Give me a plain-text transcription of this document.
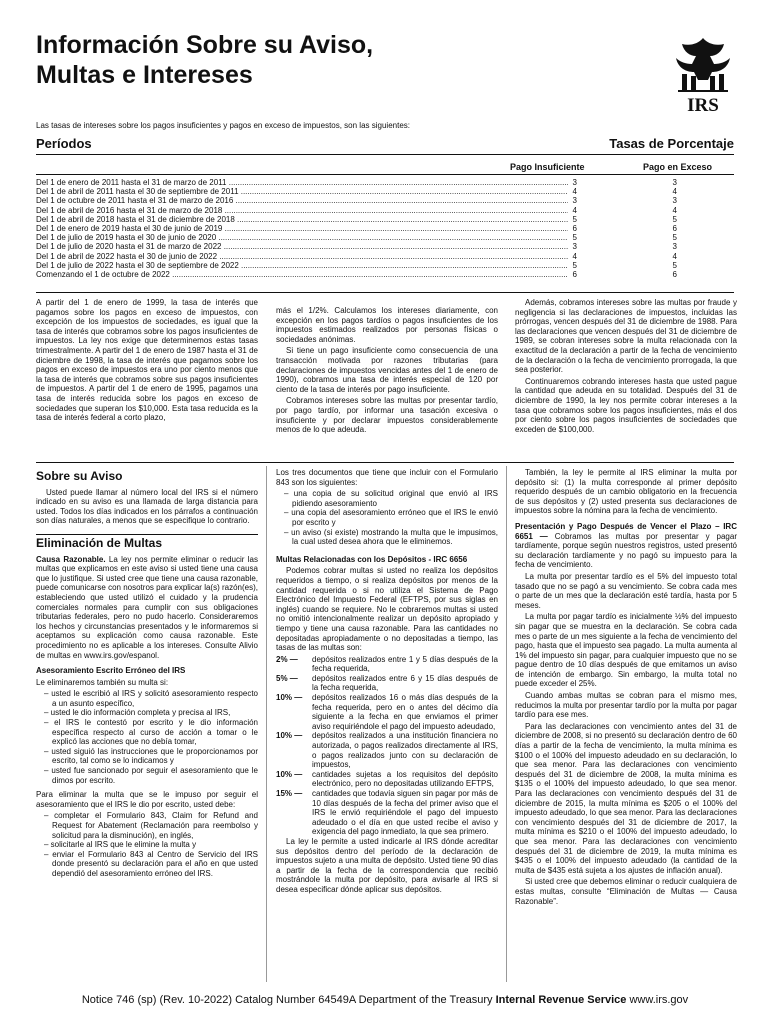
Información Sobre su Aviso,
Multas e Intereses
IRS
Las tasas de intereses sobre los pagos insuficientes y pagos en exceso de impuestos, son las siguientes:
Períodos	Tasas de Porcentaje
Pago Insuficiente	Pago en Exceso
Del 1 de enero de 2011 hasta el 31 de marzo de 2011 .....	3	3
Del 1 de abril de 2011 hasta el 30 de septiembre de 2011 .....	4	4
Del 1 de octubre de 2011 hasta el 31 de marzo de 2016 .....	3	3
Del 1 de abril de 2016 hasta el 31 de marzo de 2018 .....	4	4
Del 1 de abril de 2018 hasta el 31 de diciembre de 2018 .....	5	5
Del 1 de enero de 2019 hasta el 30 de junio de 2019 .....	6	6
Del 1 de julio de 2019 hasta el 30 de junio de 2020 .....	5	5
Del 1 de julio de 2020 hasta el 31 de marzo de 2022 .....	3	3
Del 1 de abril de 2022 hasta el 30 de junio de 2022 .....	4	4
Del 1 de julio de 2022 hasta el 30 de septiembre de 2022 .....	5	5
Comenzando el 1 de octubre de 2022 .....	6	6

A partir del 1 de enero de 1999, la tasa de interés que pagamos sobre los pagos en exceso de impuestos, con excepción de los impuestos de sociedades, es igual que la tasa de interés que cobramos sobre los pagos insuficientes de impuestos. La ley nos exige que determinemos estas tasas trimestralmente. A partir del 1 de enero de 1987 hasta el 31 de diciembre de 1998, la tasa de interés que pagamos sobre los pagos en exceso de impuestos era uno por ciento menos que la tasa de interés que cobramos sobre sus pagos insuficientes de impuestos. A partir del 1 de enero de 1995, pagamos una tasa de interés reducida sobre los pagos en exceso de sociedades que superan los $10,000. Esta tasa reducida es la tasa de interés federal a corto plazo,

más el 1/2%. Calculamos los intereses diariamente, con excepción en los pagos tardíos o pagos insuficientes de los impuestos estimados realizados por personas físicas o sociedades anónimas.

Si tiene un pago insuficiente como consecuencia de una transacción motivada por razones tributarias (para declaraciones de impuestos vencidas antes del 1 de enero de 1990), cobramos una tasa de interés especial de 120 por ciento de la tasa de interés por pago insuficiente.

Cobramos intereses sobre las multas por presentar tardío, por pago tardío, por informar una tasación excesiva o insuficiente y por declarar impuestos considerablemente menos de lo que adeuda.

Además, cobramos intereses sobre las multas por fraude y negligencia si las declaraciones de impuestos, incluidas las prórrogas, vencen después del 31 de diciembre de 1988. Para las declaraciones que vencen después del 31 de diciembre de 1989, se cobran intereses sobre la multa relacionada con la exactitud de la declaración a partir de la fecha de vencimiento de la declaración o la fecha de vencimiento prorrogada, la que sea posterior.

Continuaremos cobrando intereses hasta que usted pague la cantidad que adeuda en su totalidad. Después del 31 de diciembre de 1990, la ley nos permite cobrar intereses a la tasa que cobramos sobre los pagos insuficientes, más el dos por ciento sobre los pagos insuficientes de sociedades que exceden de $100,000.

Sobre su Aviso

Usted puede llamar al número local del IRS si el número indicado en su aviso es una llamada de larga distancia para usted. Todos los días indicados en los párrafos a continuación son días naturales, a menos que se especifique lo contrario.

Eliminación de Multas

Causa Razonable. La ley nos permite eliminar o reducir las multas que explicamos en este aviso si usted tiene una causa que lo justifique. Si usted cree que tiene una causa razonable, puede comunicarse con nosotros para explicar la(s) razón(es), estableciendo que usted utilizó el cuidado y la prudencia comerciales normales para cumplir con sus obligaciones tributarias federales, pero no pudo hacerlo. Consideraremos los hechos y circunstancias presentados y le informaremos si aceptamos su explicación como causa razonable. Este procedimiento no es aplicable a los intereses. Consulte Alivio de multas en www.irs.gov/espanol.

Asesoramiento Escrito Erróneo del IRS

Le eliminaremos también su multa si:

– usted le escribió al IRS y solicitó asesoramiento respecto a un asunto específico,

– usted le dio información completa y precisa al IRS,

– el IRS le contestó por escrito y le dio información específica respecto al curso de acción a tomar o le explicó las acciones que no debía tomar,

– usted siguió las instrucciones que le proporcionamos por escrito, tal como se lo indicamos y

– usted fue sancionado por seguir el asesoramiento que le dimos por escrito.

Para eliminar la multa que se le impuso por seguir el asesoramiento que el IRS le dio por escrito, usted debe:

– completar el Formulario 843, Claim for Refund and Request for Abatement (Reclamación para reembolso y solicitud para la disminución), en inglés,

– solicitarle al IRS que le elimine la multa y

– enviar el Formulario 843 al Centro de Servicio del IRS donde presentó su declaración para el año en que usted dependió del asesoramiento erróneo del IRS.

Los tres documentos que tiene que incluir con el Formulario 843 son los siguientes:

– una copia de su solicitud original que envió al IRS pidiendo asesoramiento

– una copia del asesoramiento erróneo que el IRS le envió por escrito y

– un aviso (si existe) mostrando la multa que le impusimos, la cual usted desea ahora que le eliminemos.

Multas Relacionadas con los Depósitos - IRC 6656

Podemos cobrar multas si usted no realiza los depósitos requeridos a tiempo, o si realiza depósitos por menos de la cantidad requerida o si no utiliza el Sistema de Pago Electrónico del Impuesto Federal (EFTPS, por sus siglas en inglés) cuando se requiere. No le cobraremos multas si usted no omitió intencionalmente realizar un depósito apropiado y tiempo y tiene una causa razonable. Para las cantidades no depositadas apropiadamente o no depositadas a tiempo, las tasas de las multas son:

2% —	depósitos realizados entre 1 y 5 días después de la fecha requerida,
5% —	depósitos realizados entre 6 y 15 días después de la fecha requerida,
10% —	depósitos realizados 16 o más días después de la fecha requerida, pero en o antes del décimo día siguiente a la fecha en que enviamos el primer aviso requiriéndole el pago del impuesto adeudado,
10% —	depósitos realizados a una institución financiera no autorizada, o pagos realizados directamente al IRS, o pagos realizados junto con su declaración de impuestos,
10% —	cantidades sujetas a los requisitos del depósito electrónico, pero no depositadas utilizando EFTPS,
15% —	cantidades que todavía siguen sin pagar por más de 10 días después de la fecha del primer aviso que el IRS le envió requiriéndole el pago del impuesto adeudado o el día en que usted recibe el aviso y exigencia del pago inmediato, la que sea primero.

La ley le permite a usted indicarle al IRS dónde acreditar sus depósitos dentro del período de la declaración de impuestos sujeto a una multa de depósito. Usted tiene 90 días a partir de la fecha de la correspondencia que recibió mostrándole la multa por depósito, para avisarle al IRS si desea especificar dónde aplicar sus depósitos.

También, la ley le permite al IRS eliminar la multa por depósito si: (1) la multa corresponde al primer depósito requerido después de un cambio obligatorio en la frecuencia de sus depósitos y (2) usted presenta sus declaraciones de impuestos sobre la nómina para la fecha de vencimiento.

Presentación y Pago Después de Vencer el Plazo – IRC 6651 — Cobramos las multas por presentar y pagar tardíamente, porque según nuestros registros, usted presentó su declaración tardíamente y no pagó su impuesto para la fecha de vencimiento.

La multa por presentar tardío es el 5% del impuesto total tasado que no se pagó a su vencimiento. Se cobra cada mes o parte de un mes que la declaración esté tardía, hasta por 5 meses.

La multa por pagar tardío es inicialmente ½% del impuesto sin pagar que se muestra en la declaración. Se cobra cada mes o parte de un mes siguiente a la fecha de vencimiento del pago, hasta que el impuesto sea pagado. La multa aumenta al 1% del impuesto sin pagar, para cualquier impuesto que no se pague dentro de 10 días después de que emitamos un aviso de intención de embargo. Sin embargo, la multa total no puede exceder el 25%.

Cuando ambas multas se cobran para el mismo mes, reducimos la multa por presentar tardío por la multa por pagar tardío para ese mes.

Para las declaraciones con vencimiento antes del 31 de diciembre de 2008, si no presentó su declaración dentro de 60 días a partir de la fecha de vencimiento, la multa mínima es $100 o el 100% del impuesto adeudado en su declaración, lo que sea menor. Para las declaraciones con vencimiento después del 31 de diciembre de 2008, la multa mínima es $135 o el 100% del impuesto adeudado, lo que sea menor. Para las declaraciones con vencimiento después del 31 de diciembre de 2015, la multa mínima es $205 o el 100% del impuesto adeudado, lo que sea menor. Para las declaraciones con vencimiento después del 31 de diciembre de 2017, la multa mínima es $210 o el 100% del impuesto adeudado, lo que sea menor. Para las declaraciones con vencimiento después del 31 de diciembre de 2019, la multa mínima es $435 o el 100% del impuesto adeudado (la cantidad de la multa de $435 está sujeta a los ajustes de inflación anual).

Si usted cree que debemos eliminar o reducir cualquiera de estas multas, consulte “Eliminación de Multas — Causa Razonable”.

Notice 746 (sp) (Rev. 10-2022) Catalog Number 64549A Department of the Treasury Internal Revenue Service www.irs.gov
